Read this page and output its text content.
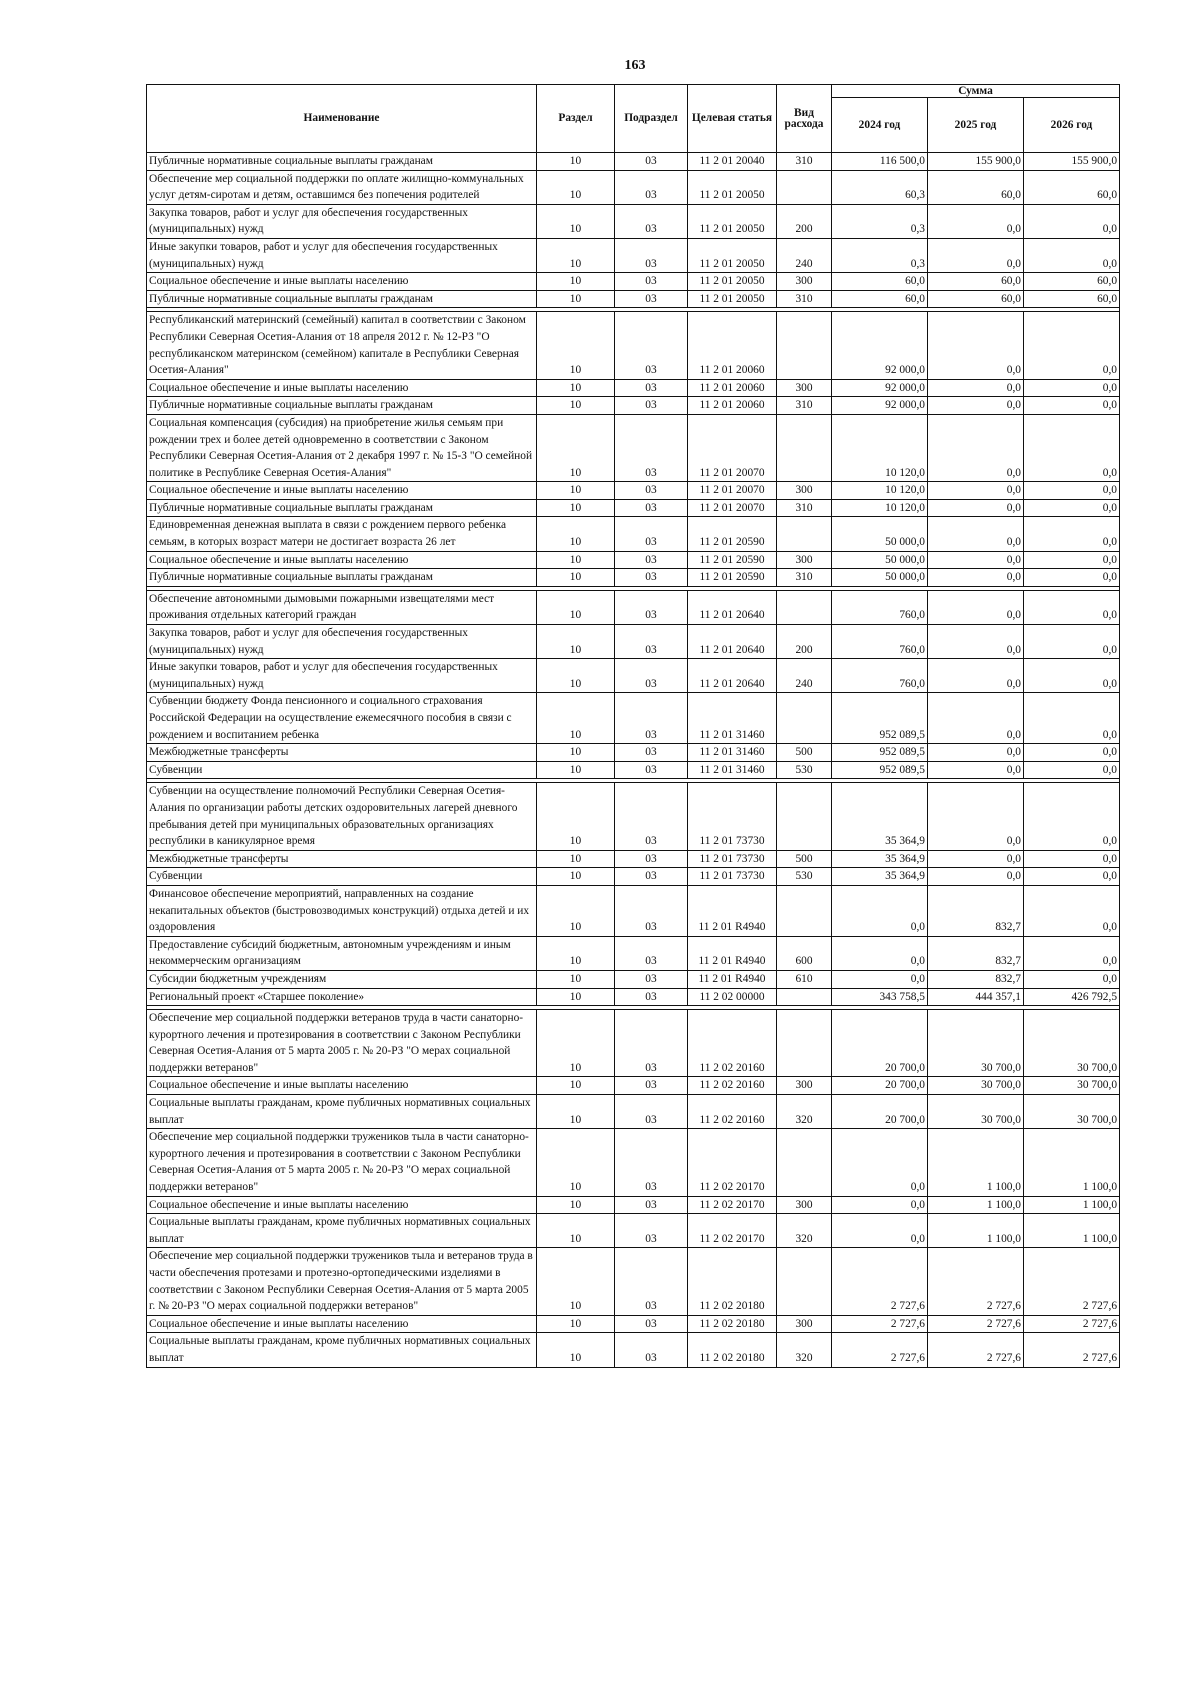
163
Наименование	Раздел	Подраздел	Целевая статья	Вид расхода	Сумма		
					2024 год	2025 год	2026 год
Публичные нормативные социальные выплаты гражданам	10	03	11 2 01 20040	310	116 500,0	155 900,0	155 900,0
Обеспечение мер социальной поддержки по оплате жилищно-коммунальных услуг детям-сиротам и детям, оставшимся без попечения родителей	10	03	11 2 01 20050		60,3	60,0	60,0
Закупка товаров, работ и услуг для обеспечения государственных (муниципальных) нужд	10	03	11 2 01 20050	200	0,3	0,0	0,0
Иные закупки товаров, работ и услуг для обеспечения государственных (муниципальных) нужд	10	03	11 2 01 20050	240	0,3	0,0	0,0
Социальное обеспечение и иные выплаты населению	10	03	11 2 01 20050	300	60,0	60,0	60,0
Публичные нормативные социальные выплаты гражданам	10	03	11 2 01 20050	310	60,0	60,0	60,0

Республиканский материнский (семейный) капитал в соответствии с Законом Республики Северная Осетия-Алания от 18 апреля 2012 г. № 12-РЗ "О республиканском материнском (семейном) капитале в Республики Северная Осетия-Алания"	10	03	11 2 01 20060		92 000,0	0,0	0,0
Социальное обеспечение и иные выплаты населению	10	03	11 2 01 20060	300	92 000,0	0,0	0,0
Публичные нормативные социальные выплаты гражданам	10	03	11 2 01 20060	310	92 000,0	0,0	0,0
Социальная компенсация (субсидия) на приобретение жилья семьям при рождении трех и более детей одновременно в соответствии с Законом Республики Северная Осетия-Алания от 2 декабря 1997 г. № 15-З "О семейной политике в Республике Северная Осетия-Алания"	10	03	11 2 01 20070		10 120,0	0,0	0,0
Социальное обеспечение и иные выплаты населению	10	03	11 2 01 20070	300	10 120,0	0,0	0,0
Публичные нормативные социальные выплаты гражданам	10	03	11 2 01 20070	310	10 120,0	0,0	0,0
Единовременная денежная выплата в связи с рождением первого ребенка семьям, в которых возраст матери не достигает возраста 26 лет	10	03	11 2 01 20590		50 000,0	0,0	0,0
Социальное обеспечение и иные выплаты населению	10	03	11 2 01 20590	300	50 000,0	0,0	0,0
Публичные нормативные социальные выплаты гражданам	10	03	11 2 01 20590	310	50 000,0	0,0	0,0

Обеспечение автономными дымовыми пожарными извещателями мест проживания отдельных категорий граждан	10	03	11 2 01 20640		760,0	0,0	0,0
Закупка товаров, работ и услуг для обеспечения государственных (муниципальных) нужд	10	03	11 2 01 20640	200	760,0	0,0	0,0
Иные закупки товаров, работ и услуг для обеспечения государственных (муниципальных) нужд	10	03	11 2 01 20640	240	760,0	0,0	0,0
Субвенции бюджету Фонда пенсионного и социального страхования Российской Федерации на осуществление ежемесячного пособия в связи с рождением и воспитанием ребенка	10	03	11 2 01 31460		952 089,5	0,0	0,0
Межбюджетные трансферты	10	03	11 2 01 31460	500	952 089,5	0,0	0,0
Субвенции	10	03	11 2 01 31460	530	952 089,5	0,0	0,0

Субвенции на осуществление полномочий Республики Северная Осетия-Алания по организации работы детских оздоровительных лагерей дневного пребывания детей при муниципальных образовательных организациях республики в каникулярное время	10	03	11 2 01 73730		35 364,9	0,0	0,0
Межбюджетные трансферты	10	03	11 2 01 73730	500	35 364,9	0,0	0,0
Субвенции	10	03	11 2 01 73730	530	35 364,9	0,0	0,0
Финансовое обеспечение мероприятий, направленных на создание некапитальных объектов (быстровозводимых конструкций) отдыха детей и их оздоровления	10	03	11 2 01 R4940		0,0	832,7	0,0
Предоставление субсидий бюджетным, автономным учреждениям и иным некоммерческим организациям	10	03	11 2 01 R4940	600	0,0	832,7	0,0
Субсидии бюджетным учреждениям	10	03	11 2 01 R4940	610	0,0	832,7	0,0
Региональный проект «Старшее поколение»	10	03	11 2 02 00000		343 758,5	444 357,1	426 792,5

Обеспечение мер социальной поддержки ветеранов труда в части санаторно-курортного лечения и протезирования в соответствии с Законом Республики Северная Осетия-Алания от 5 марта 2005 г. № 20-РЗ "О мерах социальной поддержки ветеранов"	10	03	11 2 02 20160		20 700,0	30 700,0	30 700,0
Социальное обеспечение и иные выплаты населению	10	03	11 2 02 20160	300	20 700,0	30 700,0	30 700,0
Социальные выплаты гражданам, кроме публичных нормативных социальных выплат	10	03	11 2 02 20160	320	20 700,0	30 700,0	30 700,0
Обеспечение мер социальной поддержки тружеников тыла в части санаторно-курортного лечения и протезирования в соответствии с Законом Республики Северная Осетия-Алания от 5 марта 2005 г. № 20-РЗ "О мерах социальной поддержки ветеранов"	10	03	11 2 02 20170		0,0	1 100,0	1 100,0
Социальное обеспечение и иные выплаты населению	10	03	11 2 02 20170	300	0,0	1 100,0	1 100,0
Социальные выплаты гражданам, кроме публичных нормативных социальных выплат	10	03	11 2 02 20170	320	0,0	1 100,0	1 100,0
Обеспечение мер социальной поддержки тружеников тыла и ветеранов труда в части обеспечения протезами и протезно-ортопедическими изделиями в соответствии с Законом Республики Северная Осетия-Алания от 5 марта 2005 г. № 20-РЗ "О мерах социальной поддержки ветеранов"	10	03	11 2 02 20180		2 727,6	2 727,6	2 727,6
Социальное обеспечение и иные выплаты населению	10	03	11 2 02 20180	300	2 727,6	2 727,6	2 727,6
Социальные выплаты гражданам, кроме публичных нормативных социальных выплат	10	03	11 2 02 20180	320	2 727,6	2 727,6	2 727,6
